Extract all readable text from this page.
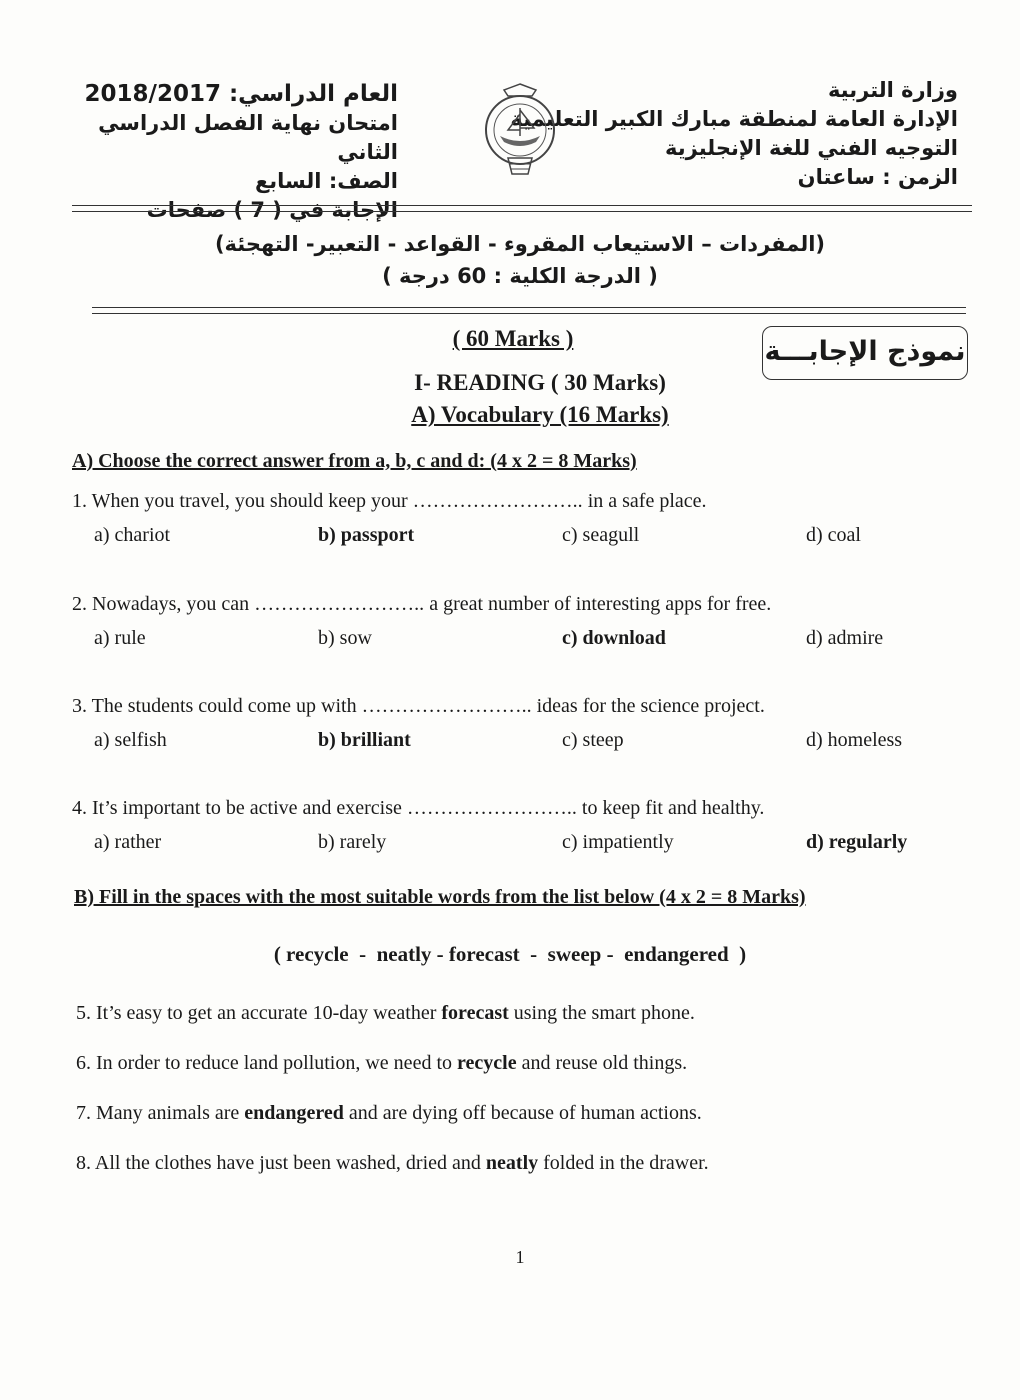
وزارة التربية
الإدارة العامة لمنطقة مبارك الكبير التعليمية
التوجيه الفني للغة الإنجليزية
الزمن : ساعتان
العام الدراسي: 2018/2017
امتحان نهاية الفصل الدراسي الثاني
الصف: السابع
الإجابة في ( 7 ) صفحات
(المفردات – الاستيعاب المقروء - القواعد - التعبير- التهجئة)
( الدرجة الكلية : 60 درجة )
نموذج الإجابـــة
( 60 Marks )
I- READING ( 30 Marks)
A) Vocabulary (16 Marks)
A) Choose the correct answer from a, b, c and d: (4 x 2 = 8 Marks)
1. When you travel, you should keep your …………………….. in a safe place.
a) chariot	b) passport	c) seagull	d) coal
2. Nowadays, you can …………………….. a great number of interesting apps for free.
a) rule	b) sow	c) download	d) admire
3. The students could come up with …………………….. ideas for the science project.
a) selfish	b) brilliant	c) steep	d) homeless
4. It’s important to be active and exercise …………………….. to keep fit and healthy.
a) rather	b) rarely	c) impatiently	d) regularly
B) Fill in the spaces with the most suitable words from the list below (4 x 2 = 8 Marks)
( recycle  -  neatly - forecast  -  sweep -  endangered  )
5. It’s easy to get an accurate 10-day weather forecast using the smart phone.
6. In order to reduce land pollution, we need to recycle and reuse old things.
7. Many animals are endangered and are dying off because of human actions.
8. All the clothes have just been washed, dried and neatly folded in the drawer.
1
